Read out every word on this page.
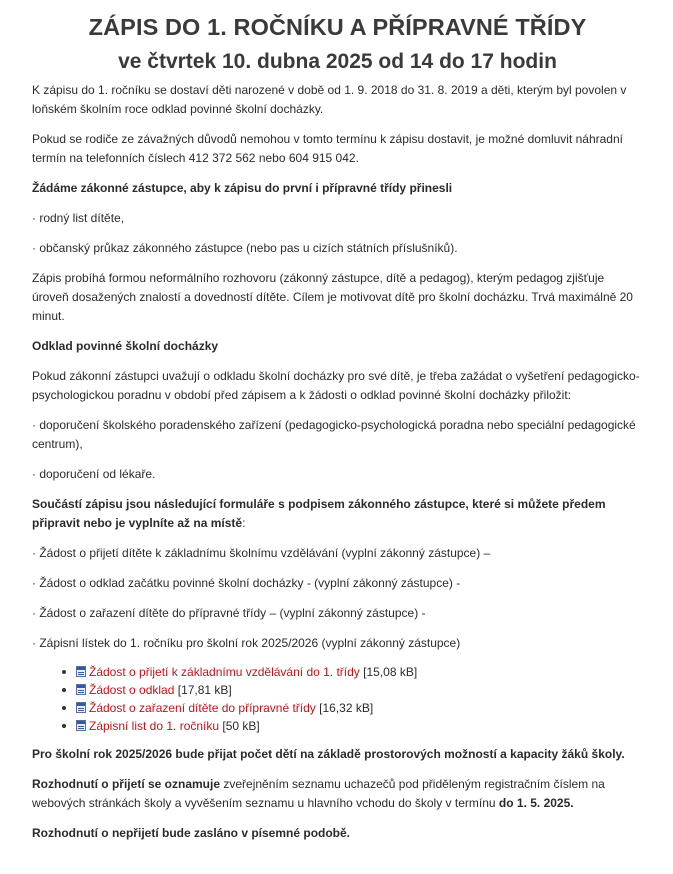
ZÁPIS DO 1. ROČNÍKU A PŘÍPRAVNÉ TŘÍDY
ve čtvrtek 10. dubna 2025 od 14 do 17 hodin

K zápisu do 1. ročníku se dostaví děti narozené v době od 1. 9. 2018 do 31. 8. 2019 a děti, kterým byl povolen v loňském školním roce odklad povinné školní docházky.

Pokud se rodiče ze závažných důvodů nemohou v tomto termínu k zápisu dostavit, je možné domluvit náhradní termín na telefonních číslech 412 372 562 nebo 604 915 042.

Žádáme zákonné zástupce, aby k zápisu do první i přípravné třídy přinesli

· rodný list dítěte,

· občanský průkaz zákonného zástupce (nebo pas u cizích státních příslušníků).

Zápis probíhá formou neformálního rozhovoru (zákonný zástupce, dítě a pedagog), kterým pedagog zjišťuje úroveň dosažených znalostí a dovedností dítěte. Cílem je motivovat dítě pro školní docházku. Trvá maximálně 20 minut.

Odklad povinné školní docházky

Pokud zákonní zástupci uvažují o odkladu školní docházky pro své dítě, je třeba zažádat o vyšetření pedagogicko-psychologickou poradnu v období před zápisem a k žádosti o odklad povinné školní docházky přiložit:

· doporučení školského poradenského zařízení (pedagogicko-psychologická poradna nebo speciální pedagogické centrum),

· doporučení od lékaře.

Součástí zápisu jsou následující formuláře s podpisem zákonného zástupce, které si můžete předem připravit nebo je vyplníte až na místě:

· Žádost o přijetí dítěte k základnímu školnímu vzdělávání (vyplní zákonný zástupce) –

· Žádost o odklad začátku povinné školní docházky - (vyplní zákonný zástupce) -

· Žádost o zařazení dítěte do přípravné třídy – (vyplní zákonný zástupce) -

· Zápisní lístek do 1. ročníku pro školní rok 2025/2026 (vyplní zákonný zástupce)

Žádost o přijetí k základnímu vzdělávání do 1. třídy [15,08 kB]
Žádost o odklad [17,81 kB]
Žádost o zařazení dítěte do přípravné třídy [16,32 kB]
Zápisní list do 1. ročníku [50 kB]

Pro školní rok 2025/2026 bude přijat počet dětí na základě prostorových možností a kapacity žáků školy.

Rozhodnutí o přijetí se oznamuje zveřejněním seznamu uchazečů pod přiděleným registračním číslem na webových stránkách školy a vyvěšením seznamu u hlavního vchodu do školy v termínu do 1. 5. 2025.

Rozhodnutí o nepřijetí bude zasláno v písemné podobě.
